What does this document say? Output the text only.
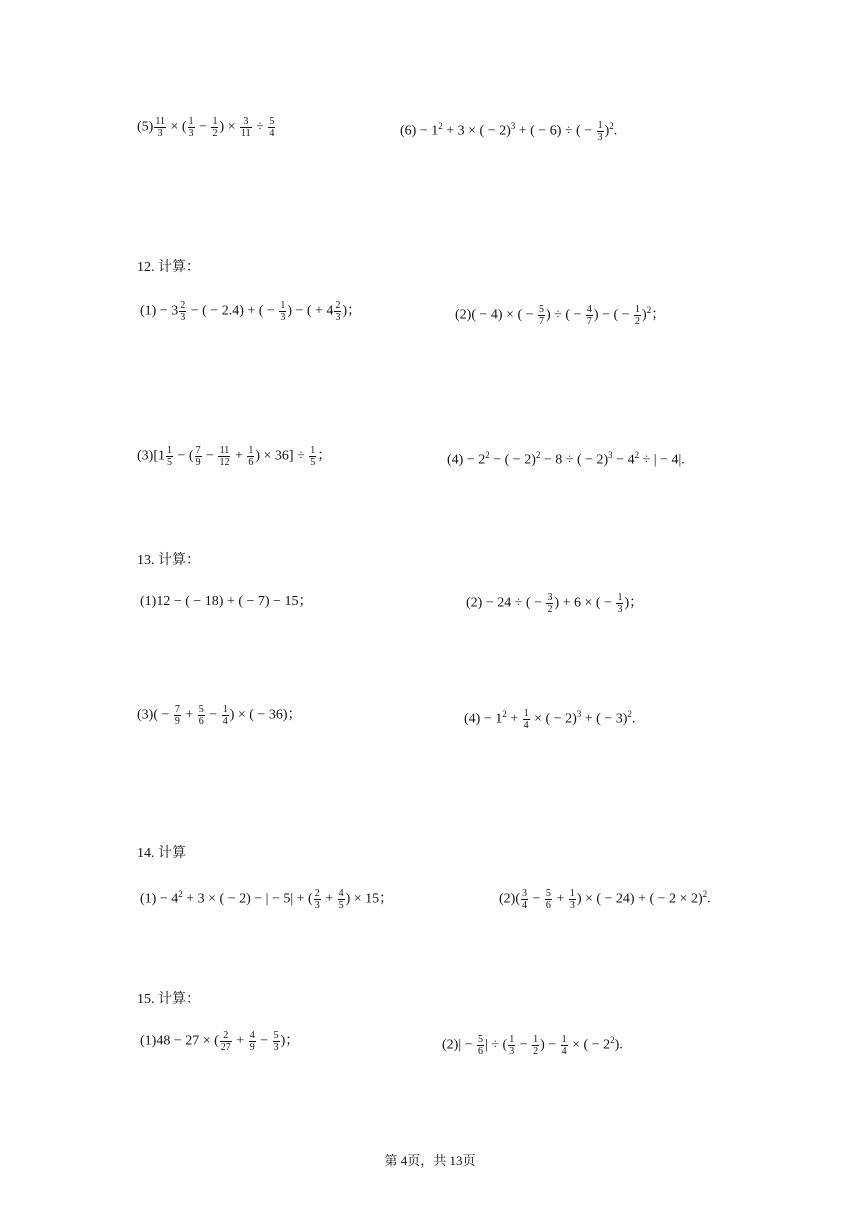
$(5) \frac{11}{3}$ × ( $\frac{1}{3} - \frac{1}{2}$ ) × $\frac{3}{11} \div \frac{5}{4}$	$(6) - 1^2 + 3$ × ( − 2)$^3$ + ( − 6) ÷ ( − $\frac{1}{3} )^2$.
12. 计算：
$(1) - 3 \frac{2}{3}$ − ( − 2.4) + ( − $\frac{1}{3}$ ) − ( + $4 \frac{2}{3}$ )；	(2)( − 4) × ( − $\frac{5}{7}$ ) ÷ ( − $\frac{4}{7}$ ) − ( − $\frac{1}{2} )^2$；
$(3)[1 \frac{1}{5}$ − ( $\frac{7}{9} - \frac{11}{12} + \frac{1}{6}$ ) × $36] \div \frac{1}{5}$ ；	$(4) - 2^2$ − ( − 2)$^2$ − 8 ÷ ( − $2)^3 - 4^2$ ÷ | − 4|.
13. 计算：
(1)12 − ( − 18) + ( − 7) − 15；	(2) − 24 ÷ ( − $\frac{3}{2}$ ) + 6 × ( − $\frac{1}{3}$ )；
$(3)( - \frac{7}{9} + \frac{5}{6} - \frac{1}{4}$ ) × ( − 36)；	$(4) - 1^2 + \frac{1}{4}$ × ( − 2)$^3$ + ( − 3)$^2$.
14. 计算
$(1) - 4^2 + 3$ × ( − 2) − | − 5| + ( $\frac{2}{3} + \frac{4}{5}$ ) × 15；	$(2)( \frac{3}{4} - \frac{5}{6} + \frac{1}{3}$ ) × ( − 24) + ( − 2 × 2)$^2$.
15. 计算：
(1)48 − 27 × ( $\frac{2}{27} + \frac{4}{9} - \frac{5}{3}$ )；	$(2)| - \frac{5}{6}$ | ÷ ( $\frac{1}{3} - \frac{1}{2}$ ) − $\frac{1}{4}$ × ( − $2^2$).
第 4页，共 13页
